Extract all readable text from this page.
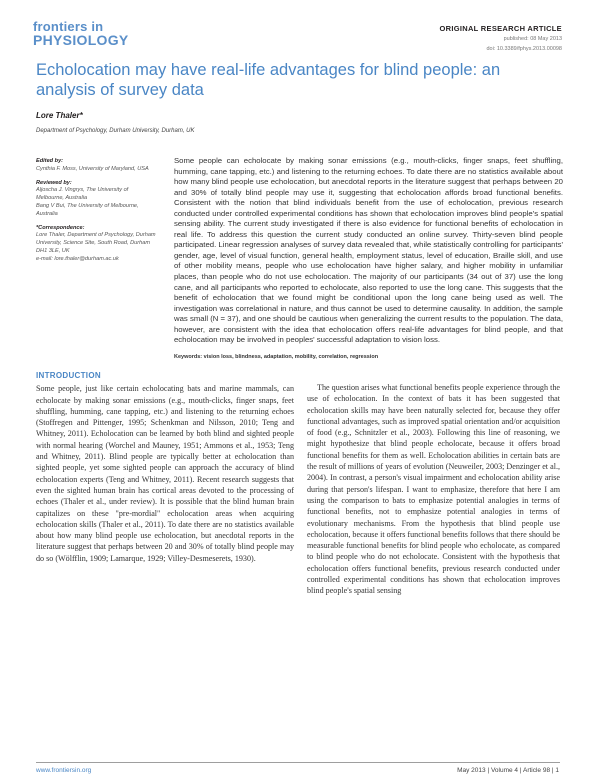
frontiers in
PHYSIOLOGY
ORIGINAL RESEARCH ARTICLE
published: 08 May 2013
doi: 10.3389/fphys.2013.00098
Echolocation may have real-life advantages for blind people: an analysis of survey data
Lore Thaler*
Department of Psychology, Durham University, Durham, UK
Edited by:
Cynthia F. Moss, University of Maryland, USA
Reviewed by:
Aljoscha J. Vingrys, The University of Melbourne, Australia
Bang V Bui, The University of Melbourne, Australia
*Correspondence:
Lore Thaler, Department of Psychology, Durham University, Science Site, South Road, Durham DH1 3LE, UK
e-mail: lore.thaler@durham.ac.uk
Some people can echolocate by making sonar emissions (e.g., mouth-clicks, finger snaps, feet shuffling, humming, cane tapping, etc.) and listening to the returning echoes. To date there are no statistics available about how many blind people use echolocation, but anecdotal reports in the literature suggest that perhaps between 20 and 30% of totally blind people may use it, suggesting that echolocation affords broad functional benefits. Consistent with the notion that blind individuals benefit from the use of echolocation, previous research conducted under controlled experimental conditions has shown that echolocation improves blind people's spatial sensing ability. The current study investigated if there is also evidence for functional benefits of echolocation in real life. To address this question the current study conducted an online survey. Thirty-seven blind people participated. Linear regression analyses of survey data revealed that, while statistically controlling for participants' gender, age, level of visual function, general health, employment status, level of education, Braille skill, and use of other mobility means, people who use echolocation have higher salary, and higher mobility in unfamiliar places, than people who do not use echolocation. The majority of our participants (34 out of 37) use the long cane, and all participants who reported to echolocate, also reported to use the long cane. This suggests that the benefit of echolocation that we found might be conditional upon the long cane being used as well. The investigation was correlational in nature, and thus cannot be used to determine causality. In addition, the sample was small (N = 37), and one should be cautious when generalizing the current results to the population. The data, however, are consistent with the idea that echolocation offers real-life advantages for blind people, and that echolocation may be involved in peoples' successful adaptation to vision loss.
Keywords: vision loss, blindness, adaptation, mobility, correlation, regression
INTRODUCTION
Some people, just like certain echolocating bats and marine mammals, can echolocate by making sonar emissions (e.g., mouth-clicks, finger snaps, feet shuffling, humming, cane tapping, etc.) and listening to the returning echoes (Stoffregen and Pittenger, 1995; Schenkman and Nilsson, 2010; Teng and Whitney, 2011). Echolocation can be learned by both blind and sighted people with normal hearing (Worchel and Mauney, 1951; Ammons et al., 1953; Teng and Whitney, 2011). Blind people are typically better at echolocation than sighted people, yet some sighted people can approach the accuracy of blind echolocation experts (Teng and Whitney, 2011). Recent research suggests that even the sighted human brain has cortical areas devoted to the processing of echoes (Thaler et al., under review). It is possible that the blind human brain capitalizes on these "pre-mordial" echolocation areas when acquiring echolocation skills (Thaler et al., 2011). To date there are no statistics available about how many blind people use echolocation, but anecdotal reports in the literature suggest that perhaps between 20 and 30% of totally blind people may do so (Wölfflin, 1909; Lamarque, 1929; Villey-Desmeserets, 1930).
The question arises what functional benefits people experience through the use of echolocation. In the context of bats it has been suggested that echolocation skills may have been naturally selected for, because they offer functional advantages, such as improved spatial orientation and/or acquisition of food (e.g., Schnitzler et al., 2003). Following this line of reasoning, we might hypothesize that blind people echolocate, because it offers broad functional benefits for them as well. Echolocation abilities in certain bats are the result of millions of years of evolution (Neuweiler, 2003; Denzinger et al., 2004). In contrast, a person's visual impairment and echolocation ability arise during that person's lifespan. I want to emphasize, therefore that here I am using the comparison to bats to emphasize potential analogies in terms of functional benefits, not to emphasize potential analogies in terms of evolutionary mechanisms. From the hypothesis that blind people use echolocation, because it offers functional benefits follows that there should be measurable functional benefits for blind people who echolocate, as compared to blind people who do not echolocate. Consistent with the hypothesis that echolocation offers functional benefits, previous research conducted under controlled experimental conditions has shown that echolocation improves blind people's spatial sensing
www.frontiersin.org	May 2013 | Volume 4 | Article 98 | 1
